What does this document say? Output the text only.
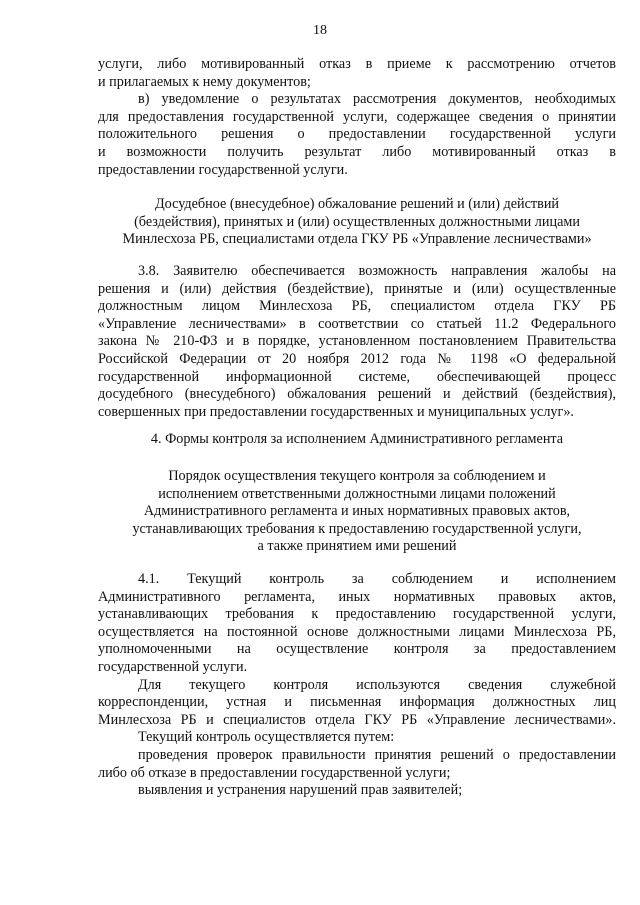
18
услуги, либо мотивированный отказ в приеме к рассмотрению отчетов
и прилагаемых к нему документов;
в) уведомление о результатах рассмотрения документов, необходимых
для предоставления государственной услуги, содержащее сведения о принятии
положительного решения о предоставлении государственной услуги
и возможности получить результат либо мотивированный отказ в
предоставлении государственной услуги.
Досудебное (внесудебное) обжалование решений и (или) действий
(бездействия), принятых и (или) осуществленных должностными лицами
Минлесхоза РБ, специалистами отдела ГКУ РБ «Управление лесничествами»
3.8. Заявителю обеспечивается возможность направления жалобы на
решения и (или) действия (бездействие), принятые и (или) осуществленные
должностным лицом Минлесхоза РБ, специалистом отдела ГКУ РБ
«Управление лесничествами» в соответствии со статьей 11.2 Федерального
закона № 210-ФЗ и в порядке, установленном постановлением Правительства
Российской Федерации от 20 ноября 2012 года № 1198 «О федеральной
государственной информационной системе, обеспечивающей процесс
досудебного (внесудебного) обжалования решений и действий (бездействия),
совершенных при предоставлении государственных и муниципальных услуг».
4. Формы контроля за исполнением Административного регламента
Порядок осуществления текущего контроля за соблюдением и
исполнением ответственными должностными лицами положений
Административного регламента и иных нормативных правовых актов,
устанавливающих требования к предоставлению государственной услуги,
а также принятием ими решений
4.1. Текущий контроль за соблюдением и исполнением
Административного регламента, иных нормативных правовых актов,
устанавливающих требования к предоставлению государственной услуги,
осуществляется на постоянной основе должностными лицами Минлесхоза РБ,
уполномоченными на осуществление контроля за предоставлением
государственной услуги.
Для текущего контроля используются сведения служебной
корреспонденции, устная и письменная информация должностных лиц
Минлесхоза РБ и специалистов отдела ГКУ РБ «Управление лесничествами».
Текущий контроль осуществляется путем:
проведения проверок правильности принятия решений о предоставлении
либо об отказе в предоставлении государственной услуги;
выявления и устранения нарушений прав заявителей;
